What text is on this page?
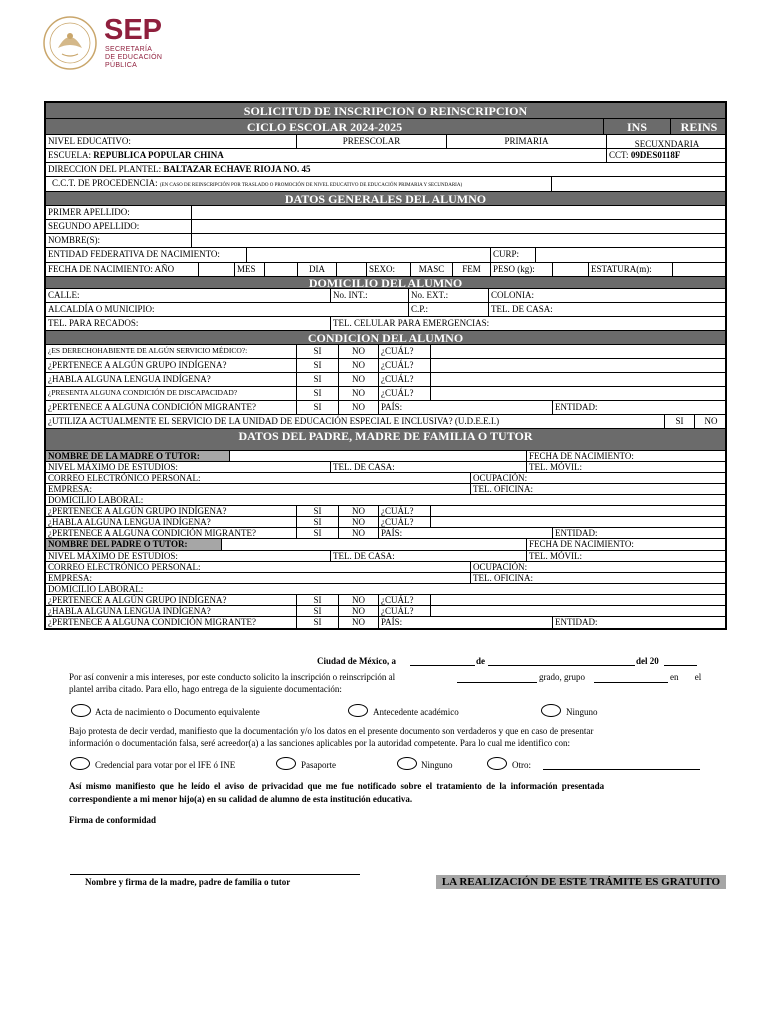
SEP
SECRETARÍA
DE EDUCACIÓN
PÚBLICA
SOLICITUD DE INSCRIPCION O REINSCRIPCION
CICLO ESCOLAR 2024-2025	INS	REINS
NIVEL EDUCATIVO:	PREESCOLAR	PRIMARIA	SECUXNDARIA
ESCUELA: REPUBLICA POPULAR CHINA	CCT: 09DES0118F
DIRECCION DEL PLANTEL: BALTAZAR ECHAVE RIOJA NO. 45
C.C.T. DE PROCEDENCIA: (EN CASO DE REINSCRIPCIÓN POR TRASLADO O PROMOCIÓN DE NIVEL EDUCATIVO DE EDUCACIÓN PRIMARIA Y SECUNDARIA)
DATOS GENERALES DEL ALUMNO
PRIMER APELLIDO:
SEGUNDO APELLIDO:
NOMBRE(S):
ENTIDAD FEDERATIVA DE NACIMIENTO:	CURP:
FECHA DE NACIMIENTO: AÑO	MES	DIA	SEXO:	MASC	FEM	PESO (kg):	ESTATURA(m):
DOMICILIO DEL ALUMNO
CALLE:	No. INT.:	No. EXT.:	COLONIA:
ALCALDÍA O MUNICIPIO:	C.P.:	TEL. DE CASA:
TEL. PARA RECADOS:	TEL. CELULAR PARA EMERGENCIAS:
CONDICION DEL ALUMNO
¿ES DERECHOHABIENTE DE ALGÚN SERVICIO MÉDICO?:	SI	NO	¿CUÁL?
¿PERTENECE A ALGÚN GRUPO INDÍGENA?	SI	NO	¿CUÁL?
¿HABLA ALGUNA LENGUA INDÍGENA?	SI	NO	¿CUÁL?
¿PRESENTA ALGUNA CONDICIÓN DE DISCAPACIDAD?	SI	NO	¿CUÁL?
¿PERTENECE A ALGUNA CONDICIÓN MIGRANTE?	SI	NO	PAÍS:	ENTIDAD:
¿UTILIZA ACTUALMENTE EL SERVICIO DE LA UNIDAD DE EDUCACIÓN ESPECIAL E INCLUSIVA? (U.D.E.E.I.)	SI	NO
DATOS DEL PADRE, MADRE DE FAMILIA O TUTOR
NOMBRE DE LA MADRE O TUTOR:	FECHA DE NACIMIENTO:
NIVEL MÁXIMO DE ESTUDIOS:	TEL. DE CASA:	TEL. MÓVIL:
CORREO ELECTRÓNICO PERSONAL:	OCUPACIÓN:
EMPRESA:	TEL. OFICINA:
DOMICILIO LABORAL:
¿PERTENECE A ALGÚN GRUPO INDÍGENA?	SI	NO	¿CUÁL?
¿HABLA ALGUNA LENGUA INDÍGENA?	SI	NO	¿CUÁL?
¿PERTENECE A ALGUNA CONDICIÓN MIGRANTE?	SI	NO	PAÍS:	ENTIDAD:
NOMBRE DEL PADRE O TUTOR:	FECHA DE NACIMIENTO:
NIVEL MÁXIMO DE ESTUDIOS:	TEL. DE CASA:	TEL. MÓVIL:
CORREO ELECTRÓNICO PERSONAL:	OCUPACIÓN:
EMPRESA:	TEL. OFICINA:
DOMICILIO LABORAL:
¿PERTENECE A ALGÚN GRUPO INDÍGENA?	SI	NO	¿CUÁL?
¿HABLA ALGUNA LENGUA INDÍGENA?	SI	NO	¿CUÁL?
¿PERTENECE A ALGUNA CONDICIÓN MIGRANTE?	SI	NO	PAÍS:	ENTIDAD:
Ciudad de México, a	de	del 20
Por así convenir a mis intereses, por este conducto solicito la inscripción o reinscripción al	grado, grupo	en el
plantel arriba citado. Para ello, hago entrega de la siguiente documentación:
Acta de nacimiento o Documento equivalente	Antecedente académico	Ninguno
Bajo protesta de decir verdad, manifiesto que la documentación y/o los datos en el presente documento son verdaderos y que en caso de presentar
información o documentación falsa, seré acreedor(a) a las sanciones aplicables por la autoridad competente. Para lo cual me identifico con:
Credencial para votar por el IFE ó INE	Pasaporte	Ninguno	Otro:
Así mismo manifiesto que he leído el aviso de privacidad que me fue notificado sobre el tratamiento de la información presentada
correspondiente a mi menor hijo(a) en su calidad de alumno de esta institución educativa.
Firma de conformidad
Nombre y firma de la madre, padre de familia o tutor	LA REALIZACIÓN DE ESTE TRÁMITE ES GRATUITO
